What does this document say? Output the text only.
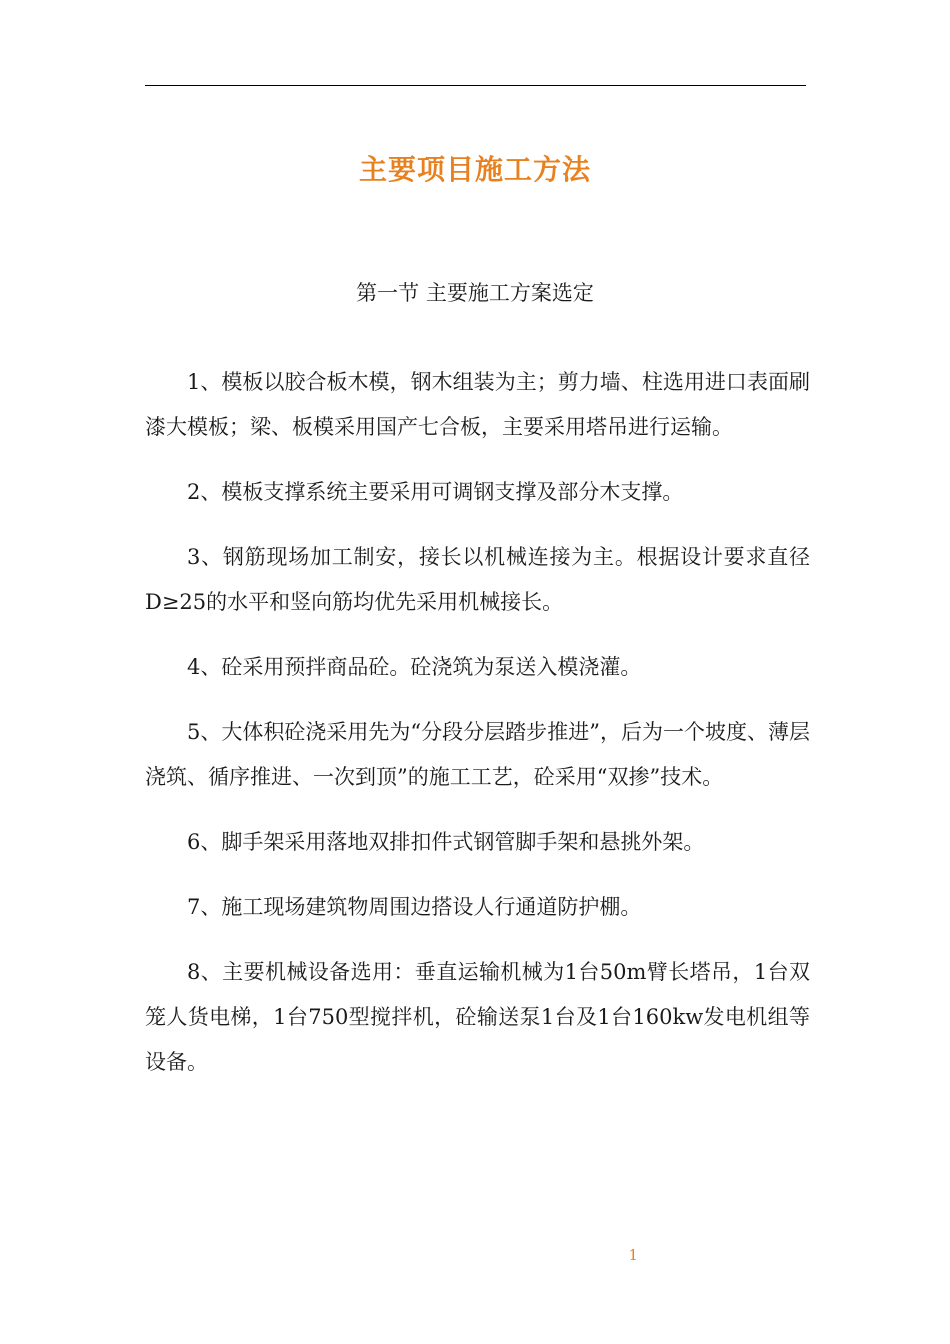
主要项目施工方法
第一节 主要施工方案选定

1、模板以胶合板木模，钢木组装为主；剪力墙、柱选用进口表面刷漆大模板；梁、板模采用国产七合板，主要采用塔吊进行运输。

2、模板支撑系统主要采用可调钢支撑及部分木支撑。

3、钢筋现场加工制安，接长以机械连接为主。根据设计要求直径D≥25的水平和竖向筋均优先采用机械接长。

4、砼采用预拌商品砼。砼浇筑为泵送入模浇灌。

5、大体积砼浇采用先为“分段分层踏步推进”，后为一个坡度、薄层浇筑、循序推进、一次到顶”的施工工艺，砼采用“双掺”技术。

6、脚手架采用落地双排扣件式钢管脚手架和悬挑外架。

7、施工现场建筑物周围边搭设人行通道防护棚。

8、主要机械设备选用：垂直运输机械为1台50m臂长塔吊，1台双笼人货电梯，1台750型搅拌机，砼输送泵1台及1台160kw发电机组等设备。

1
